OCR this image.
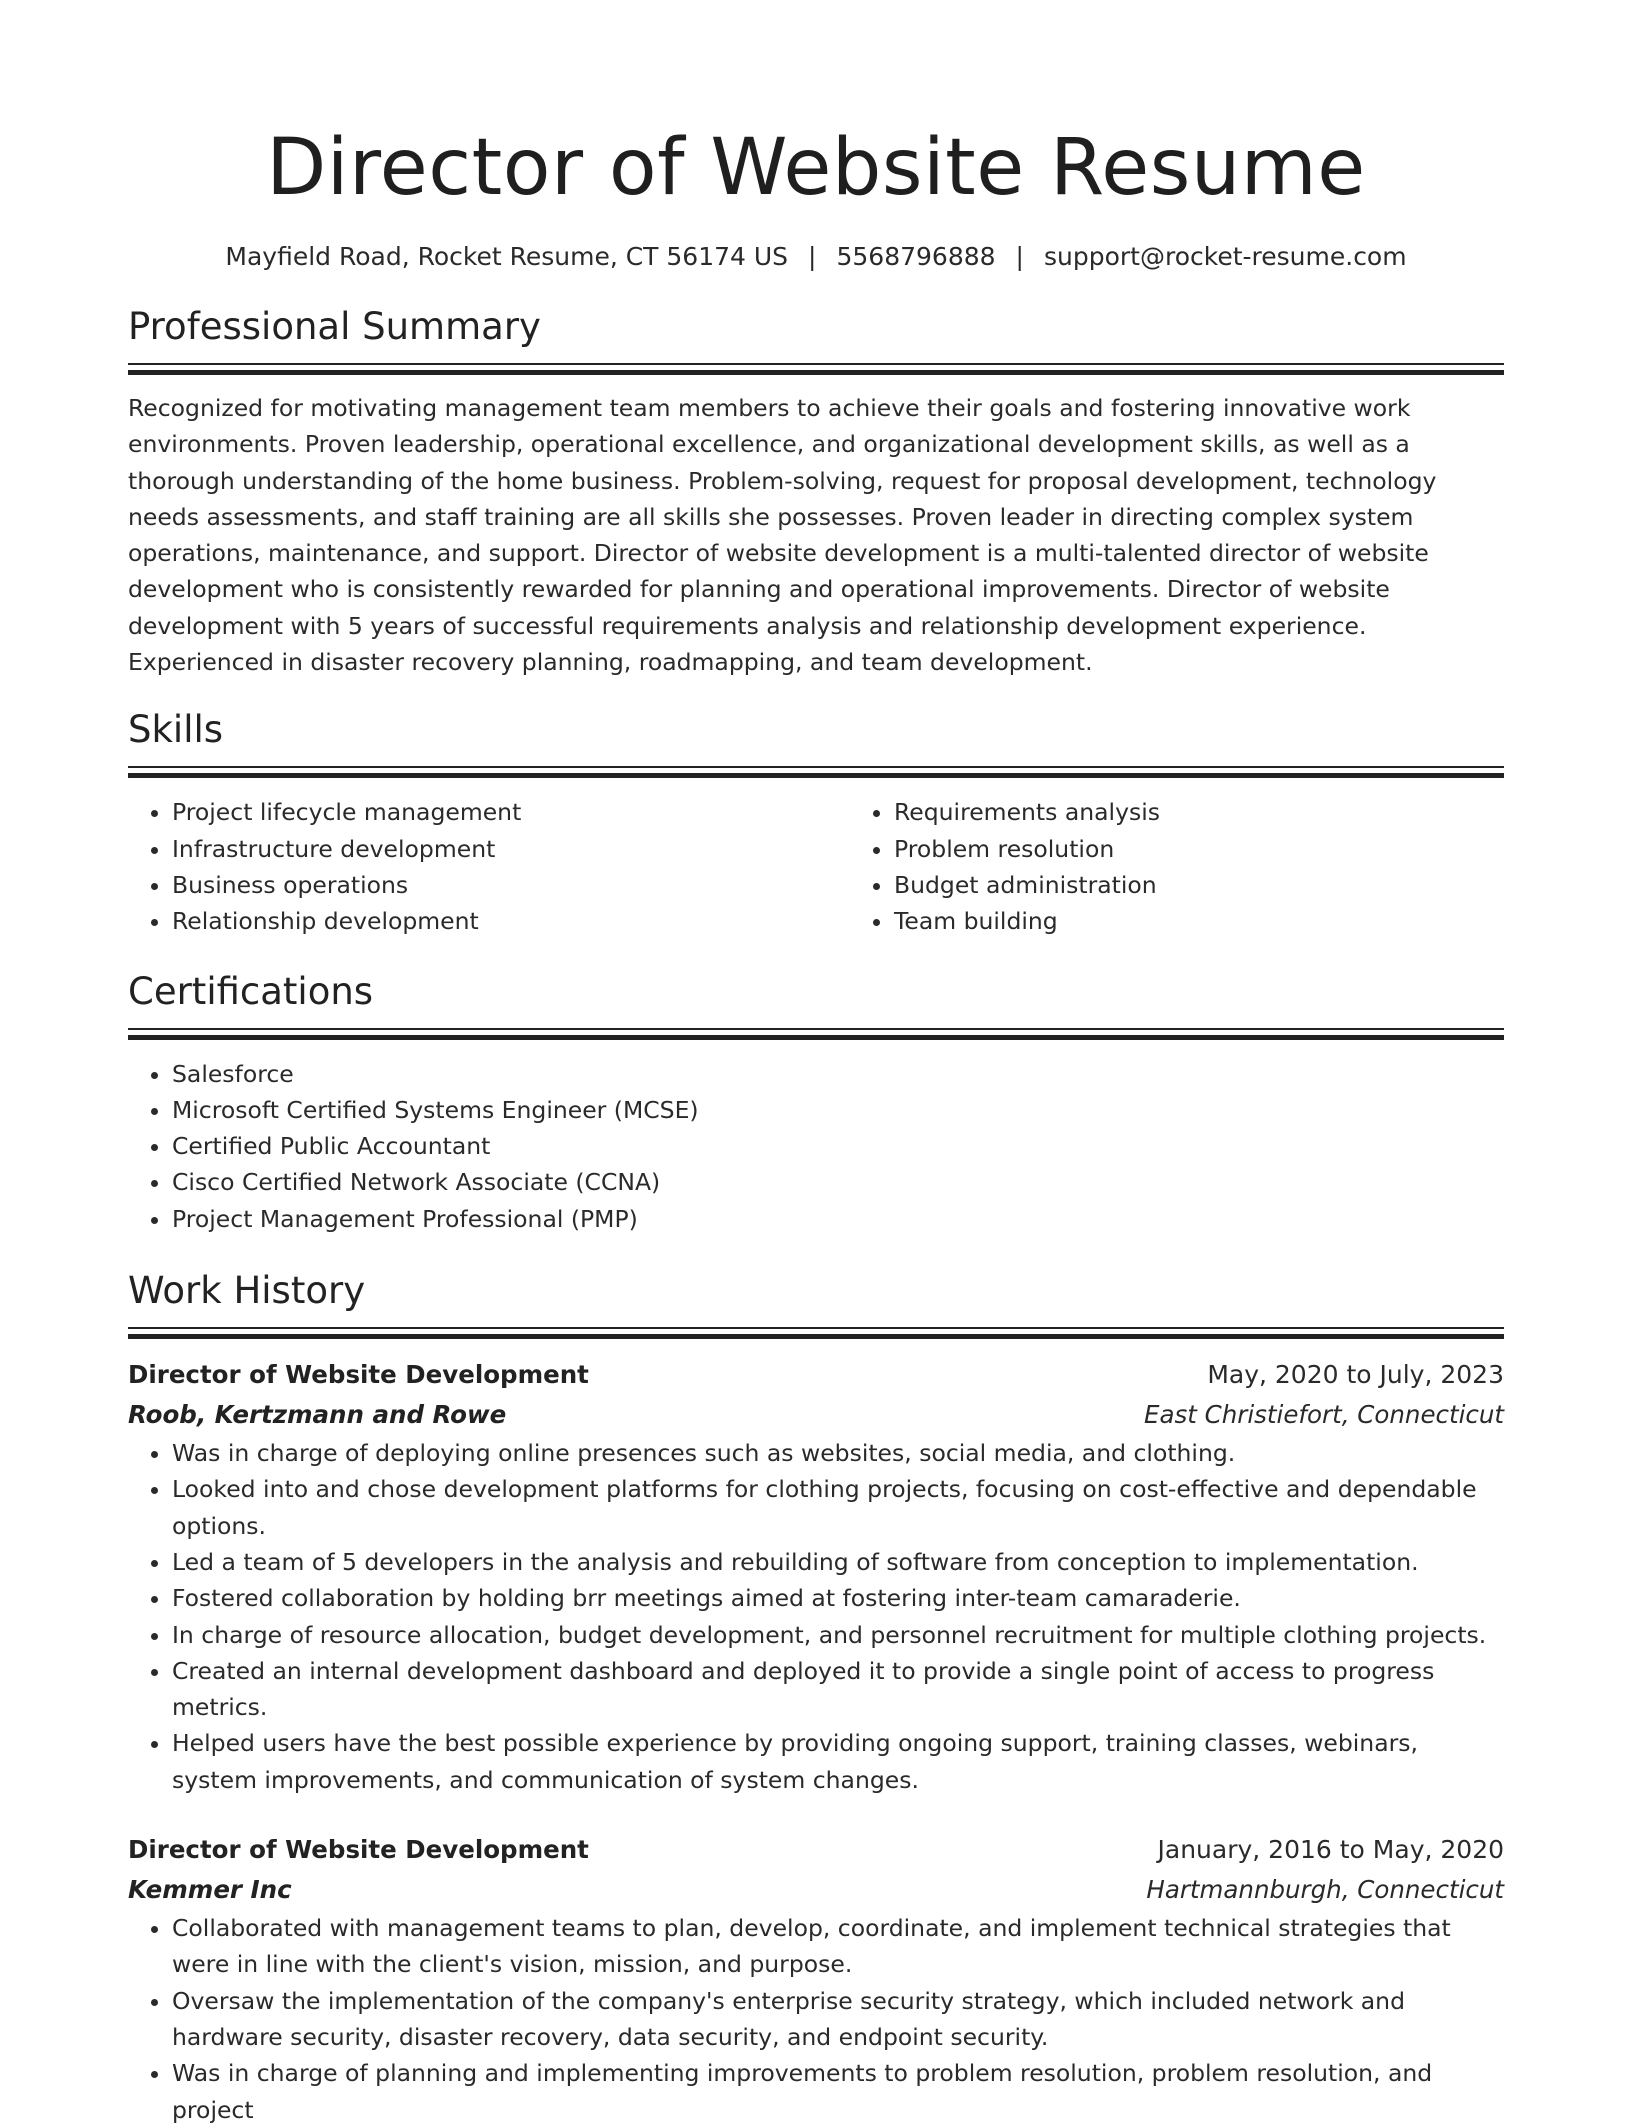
Director of Website Resume
Mayfield Road, Rocket Resume, CT 56174 US | 5568796888 | support@rocket-resume.com
Professional Summary
Recognized for motivating management team members to achieve their goals and fostering innovative work environments. Proven leadership, operational excellence, and organizational development skills, as well as a thorough understanding of the home business. Problem-solving, request for proposal development, technology needs assessments, and staff training are all skills she possesses. Proven leader in directing complex system operations, maintenance, and support. Director of website development is a multi-talented director of website development who is consistently rewarded for planning and operational improvements. Director of website development with 5 years of successful requirements analysis and relationship development experience. Experienced in disaster recovery planning, roadmapping, and team development.
Skills
• Project lifecycle management
• Infrastructure development
• Business operations
• Relationship development
• Requirements analysis
• Problem resolution
• Budget administration
• Team building
Certifications
• Salesforce
• Microsoft Certified Systems Engineer (MCSE)
• Certified Public Accountant
• Cisco Certified Network Associate (CCNA)
• Project Management Professional (PMP)
Work History
Director of Website Development	May, 2020 to July, 2023
Roob, Kertzmann and Rowe	East Christiefort, Connecticut
• Was in charge of deploying online presences such as websites, social media, and clothing.
• Looked into and chose development platforms for clothing projects, focusing on cost-effective and dependable options.
• Led a team of 5 developers in the analysis and rebuilding of software from conception to implementation.
• Fostered collaboration by holding brr meetings aimed at fostering inter-team camaraderie.
• In charge of resource allocation, budget development, and personnel recruitment for multiple clothing projects.
• Created an internal development dashboard and deployed it to provide a single point of access to progress metrics.
• Helped users have the best possible experience by providing ongoing support, training classes, webinars, system improvements, and communication of system changes.
Director of Website Development	January, 2016 to May, 2020
Kemmer Inc	Hartmannburgh, Connecticut
• Collaborated with management teams to plan, develop, coordinate, and implement technical strategies that were in line with the client's vision, mission, and purpose.
• Oversaw the implementation of the company's enterprise security strategy, which included network and hardware security, disaster recovery, data security, and endpoint security.
• Was in charge of planning and implementing improvements to problem resolution, problem resolution, and project
